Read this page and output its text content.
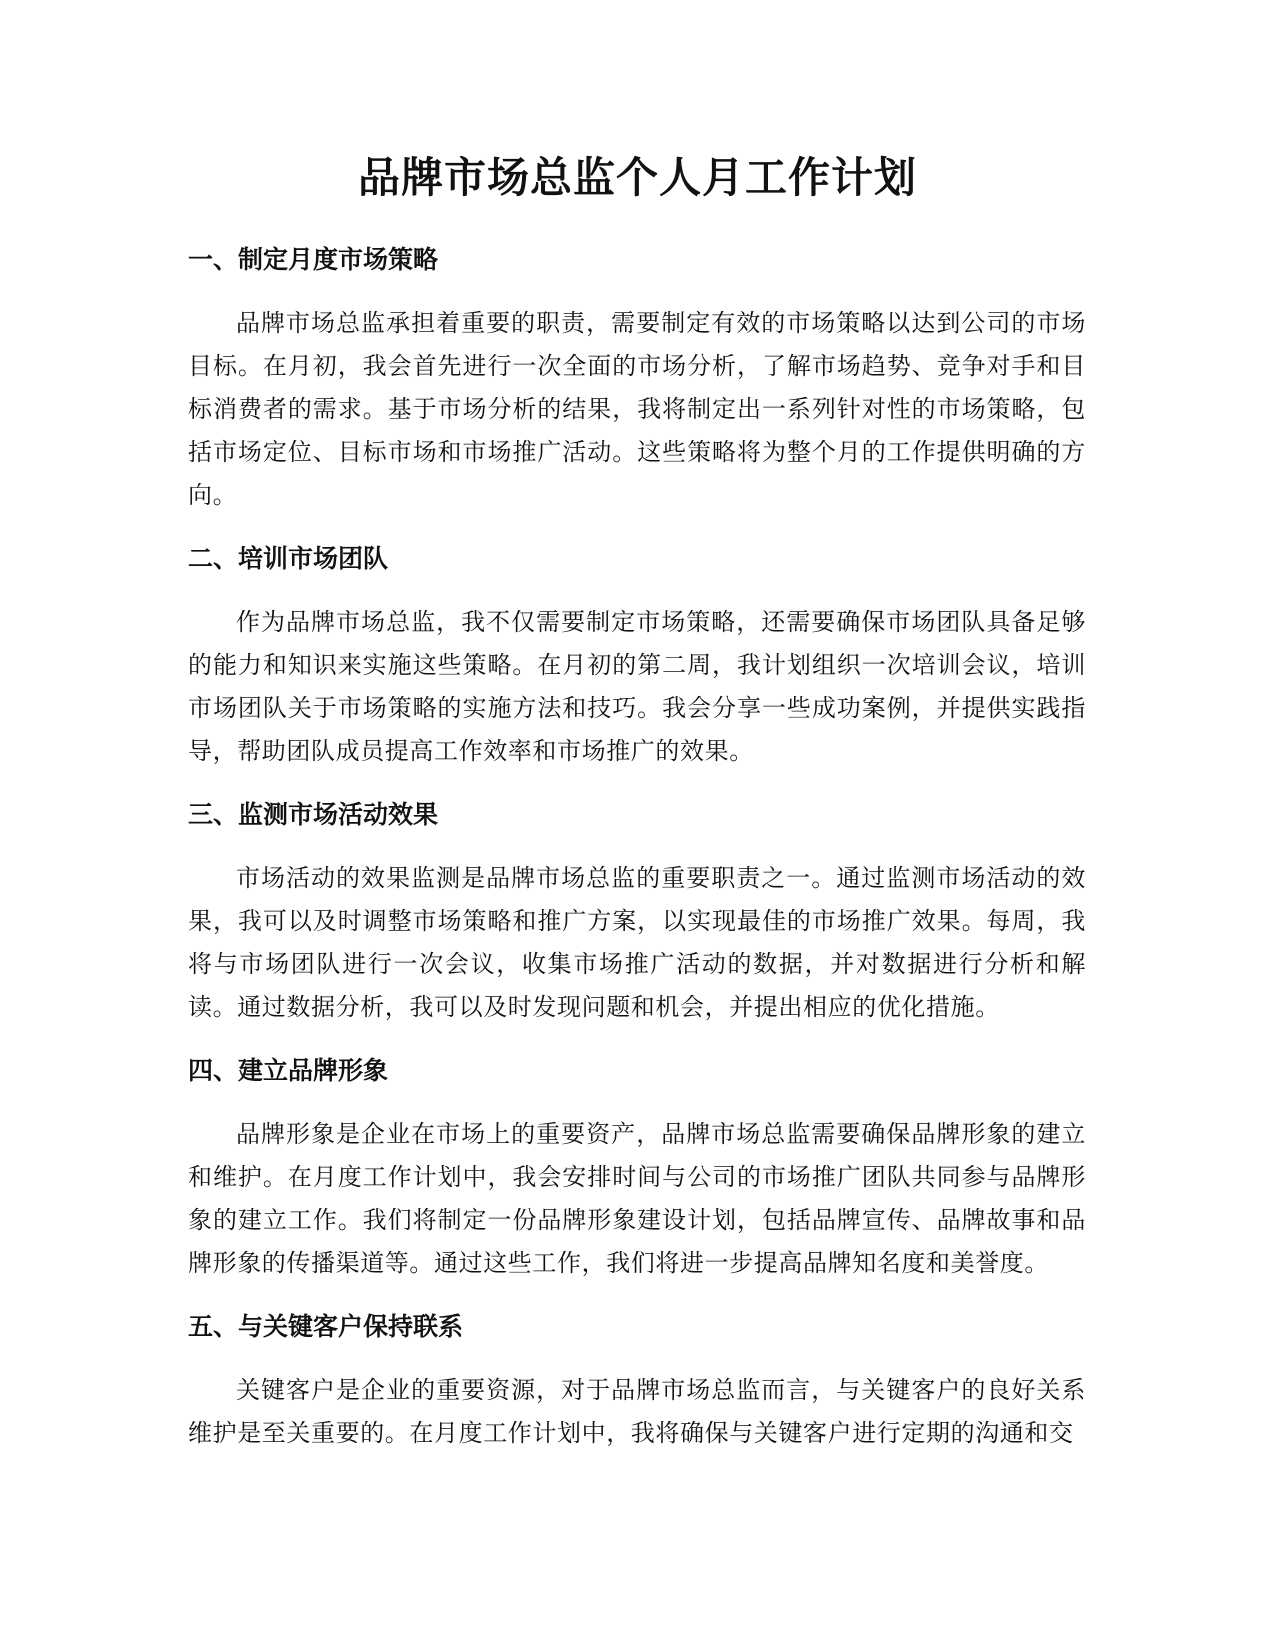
品牌市场总监个人月工作计划
一、制定月度市场策略

品牌市场总监承担着重要的职责，需要制定有效的市场策略以达到公司的市场目标。在月初，我会首先进行一次全面的市场分析，了解市场趋势、竞争对手和目标消费者的需求。基于市场分析的结果，我将制定出一系列针对性的市场策略，包括市场定位、目标市场和市场推广活动。这些策略将为整个月的工作提供明确的方向。

二、培训市场团队

作为品牌市场总监，我不仅需要制定市场策略，还需要确保市场团队具备足够的能力和知识来实施这些策略。在月初的第二周，我计划组织一次培训会议，培训市场团队关于市场策略的实施方法和技巧。我会分享一些成功案例，并提供实践指导，帮助团队成员提高工作效率和市场推广的效果。

三、监测市场活动效果

市场活动的效果监测是品牌市场总监的重要职责之一。通过监测市场活动的效果，我可以及时调整市场策略和推广方案，以实现最佳的市场推广效果。每周，我将与市场团队进行一次会议，收集市场推广活动的数据，并对数据进行分析和解读。通过数据分析，我可以及时发现问题和机会，并提出相应的优化措施。

四、建立品牌形象

品牌形象是企业在市场上的重要资产，品牌市场总监需要确保品牌形象的建立和维护。在月度工作计划中，我会安排时间与公司的市场推广团队共同参与品牌形象的建立工作。我们将制定一份品牌形象建设计划，包括品牌宣传、品牌故事和品牌形象的传播渠道等。通过这些工作，我们将进一步提高品牌知名度和美誉度。

五、与关键客户保持联系

关键客户是企业的重要资源，对于品牌市场总监而言，与关键客户的良好关系维护是至关重要的。在月度工作计划中，我将确保与关键客户进行定期的沟通和交
